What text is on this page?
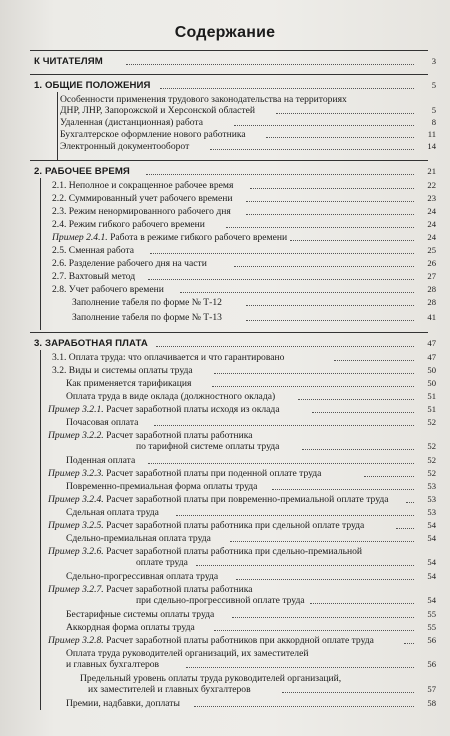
Содержание
К ЧИТАТЕЛЯМ	3
1. ОБЩИЕ ПОЛОЖЕНИЯ	5
Особенности применения трудового законодательства на территориях
ДНР, ЛНР, Запорожской и Херсонской областей	5
Удаленная (дистанционная) работа	8
Бухгалтерское оформление нового работника	11
Электронный документооборот	14
2. РАБОЧЕЕ ВРЕМЯ	21
2.1. Неполное и сокращенное рабочее время	22
2.2. Суммированный учет рабочего времени	23
2.3. Режим ненормированного рабочего дня	24
2.4. Режим гибкого рабочего времени	24
Пример 2.4.1. Работа в режиме гибкого рабочего времени	24
2.5. Сменная работа	25
2.6. Разделение рабочего дня на части	26
2.7. Вахтовый метод	27
2.8. Учет рабочего времени	28
Заполнение табеля по форме № Т-12	28
Заполнение табеля по форме № Т-13	41
3. ЗАРАБОТНАЯ ПЛАТА	47
3.1. Оплата труда: что оплачивается и что гарантировано	47
3.2. Виды и системы оплаты труда	50
Как применяется тарификация	50
Оплата труда в виде оклада (должностного оклада)	51
Пример 3.2.1. Расчет заработной платы исходя из оклада	51
Почасовая оплата	52
Пример 3.2.2. Расчет заработной платы работника
по тарифной системе оплаты труда	52
Поденная оплата	52
Пример 3.2.3. Расчет заработной платы при поденной оплате труда	52
Повременно-премиальная форма оплаты труда	53
Пример 3.2.4. Расчет заработной платы при повременно-премиальной оплате труда	53
Сдельная оплата труда	53
Пример 3.2.5. Расчет заработной платы работника при сдельной оплате труда	54
Сдельно-премиальная оплата труда	54
Пример 3.2.6. Расчет заработной платы работника при сдельно-премиальной
оплате труда	54
Сдельно-прогрессивная оплата труда	54
Пример 3.2.7. Расчет заработной платы работника
при сдельно-прогрессивной оплате труда	54
Бестарифные системы оплаты труда	55
Аккордная форма оплаты труда	55
Пример 3.2.8. Расчет заработной платы работников при аккордной оплате труда	56
Оплата труда руководителей организаций, их заместителей
и главных бухгалтеров	56
Предельный уровень оплаты труда руководителей организаций,
их заместителей и главных бухгалтеров	57
Премии, надбавки, доплаты	58
